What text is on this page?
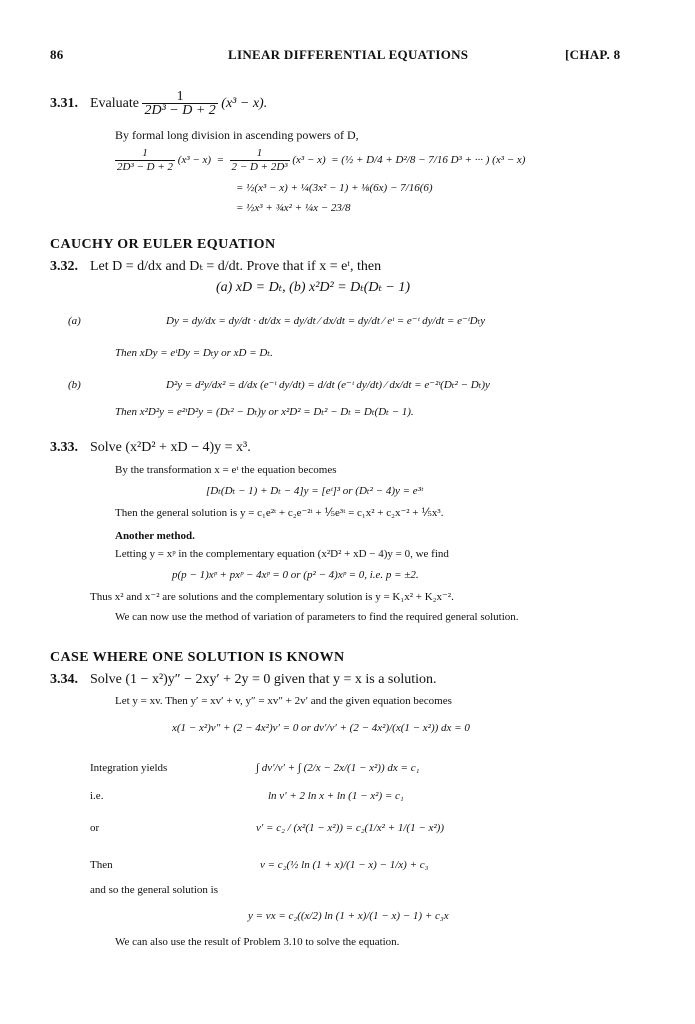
86	LINEAR DIFFERENTIAL EQUATIONS	[CHAP. 8
3.31. Evaluate $\frac{1}{\text{2D³ − D + 2}} (x^3 - x)$.
By formal long division in ascending powers of D,
$\frac{1}{\text{2D³ − D + 2}} (x^3 - x) = \frac{1}{\text{2 − D + 2D³}} (x^3 - x)$ = (½ + D/4 + D²/8 − 7/16 D³ + ··· ) (x³ − x)
= ½(x³ − x) + ¼(3x² − 1) + ⅛(6x) − 7/16(6)
= ½x³ + ¾x² + ¼x − 23/8
CAUCHY OR EULER EQUATION
3.32. Let D = d/dx and Dₜ = d/dt. Prove that if x = eᵗ, then
(a) xD = Dₜ, (b) x²D² = Dₜ(Dₜ − 1)
(a)	Dy = dy/dx = dy/dt · dt/dx = dy/dt ⁄ dx/dt = dy/dt ⁄ eᵗ = e⁻ᵗ dy/dt = e⁻ᵗDₜy
Then xDy = eᵗDy = Dₜy or xD = Dₜ.
(b)	D²y = d²y/dx² = d/dx (e⁻ᵗ dy/dt) = d/dt (e⁻ᵗ dy/dt) ⁄ dx/dt = e⁻²ᵗ(Dₜ² − Dₜ)y
Then x²D²y = e²ᵗD²y = (Dₜ² − Dₜ)y or x²D² = Dₜ² − Dₜ = Dₜ(Dₜ − 1).
3.33. Solve (x²D² + xD − 4)y = x³.
By the transformation x = eᵗ the equation becomes
[Dₜ(Dₜ − 1) + Dₜ − 4]y = [eᵗ]³ or (Dₜ² − 4)y = e³ᵗ
Then the general solution is y = c₁e²ᵗ + c₂e⁻²ᵗ + ⅕e³ᵗ = c₁x² + c₂x⁻² + ⅕x³.
Another method.
Letting y = xᵖ in the complementary equation (x²D² + xD − 4)y = 0, we find
p(p − 1)xᵖ + pxᵖ − 4xᵖ = 0 or (p² − 4)xᵖ = 0, i.e. p = ±2.
Thus x² and x⁻² are solutions and the complementary solution is y = K₁x² + K₂x⁻².
We can now use the method of variation of parameters to find the required general solution.
CASE WHERE ONE SOLUTION IS KNOWN
3.34. Solve (1 − x²)y″ − 2xy′ + 2y = 0 given that y = x is a solution.
Let y = xv. Then y′ = xv′ + v, y″ = xv″ + 2v′ and the given equation becomes
x(1 − x²)v″ + (2 − 4x²)v′ = 0 or dv′/v′ + (2 − 4x²)/(x(1 − x²)) dx = 0
Integration yields	∫ dv′/v′ + ∫ (2/x − 2x/(1 − x²)) dx = c₁
i.e.	ln v′ + 2 ln x + ln (1 − x²) = c₁
or	v′ = c₂ / (x²(1 − x²)) = c₂(1/x² + 1/(1 − x²))
Then	v = c₂(½ ln (1 + x)/(1 − x) − 1/x) + c₃
and so the general solution is
y = vx = c₂((x/2) ln (1 + x)/(1 − x) − 1) + c₃x
We can also use the result of Problem 3.10 to solve the equation.
